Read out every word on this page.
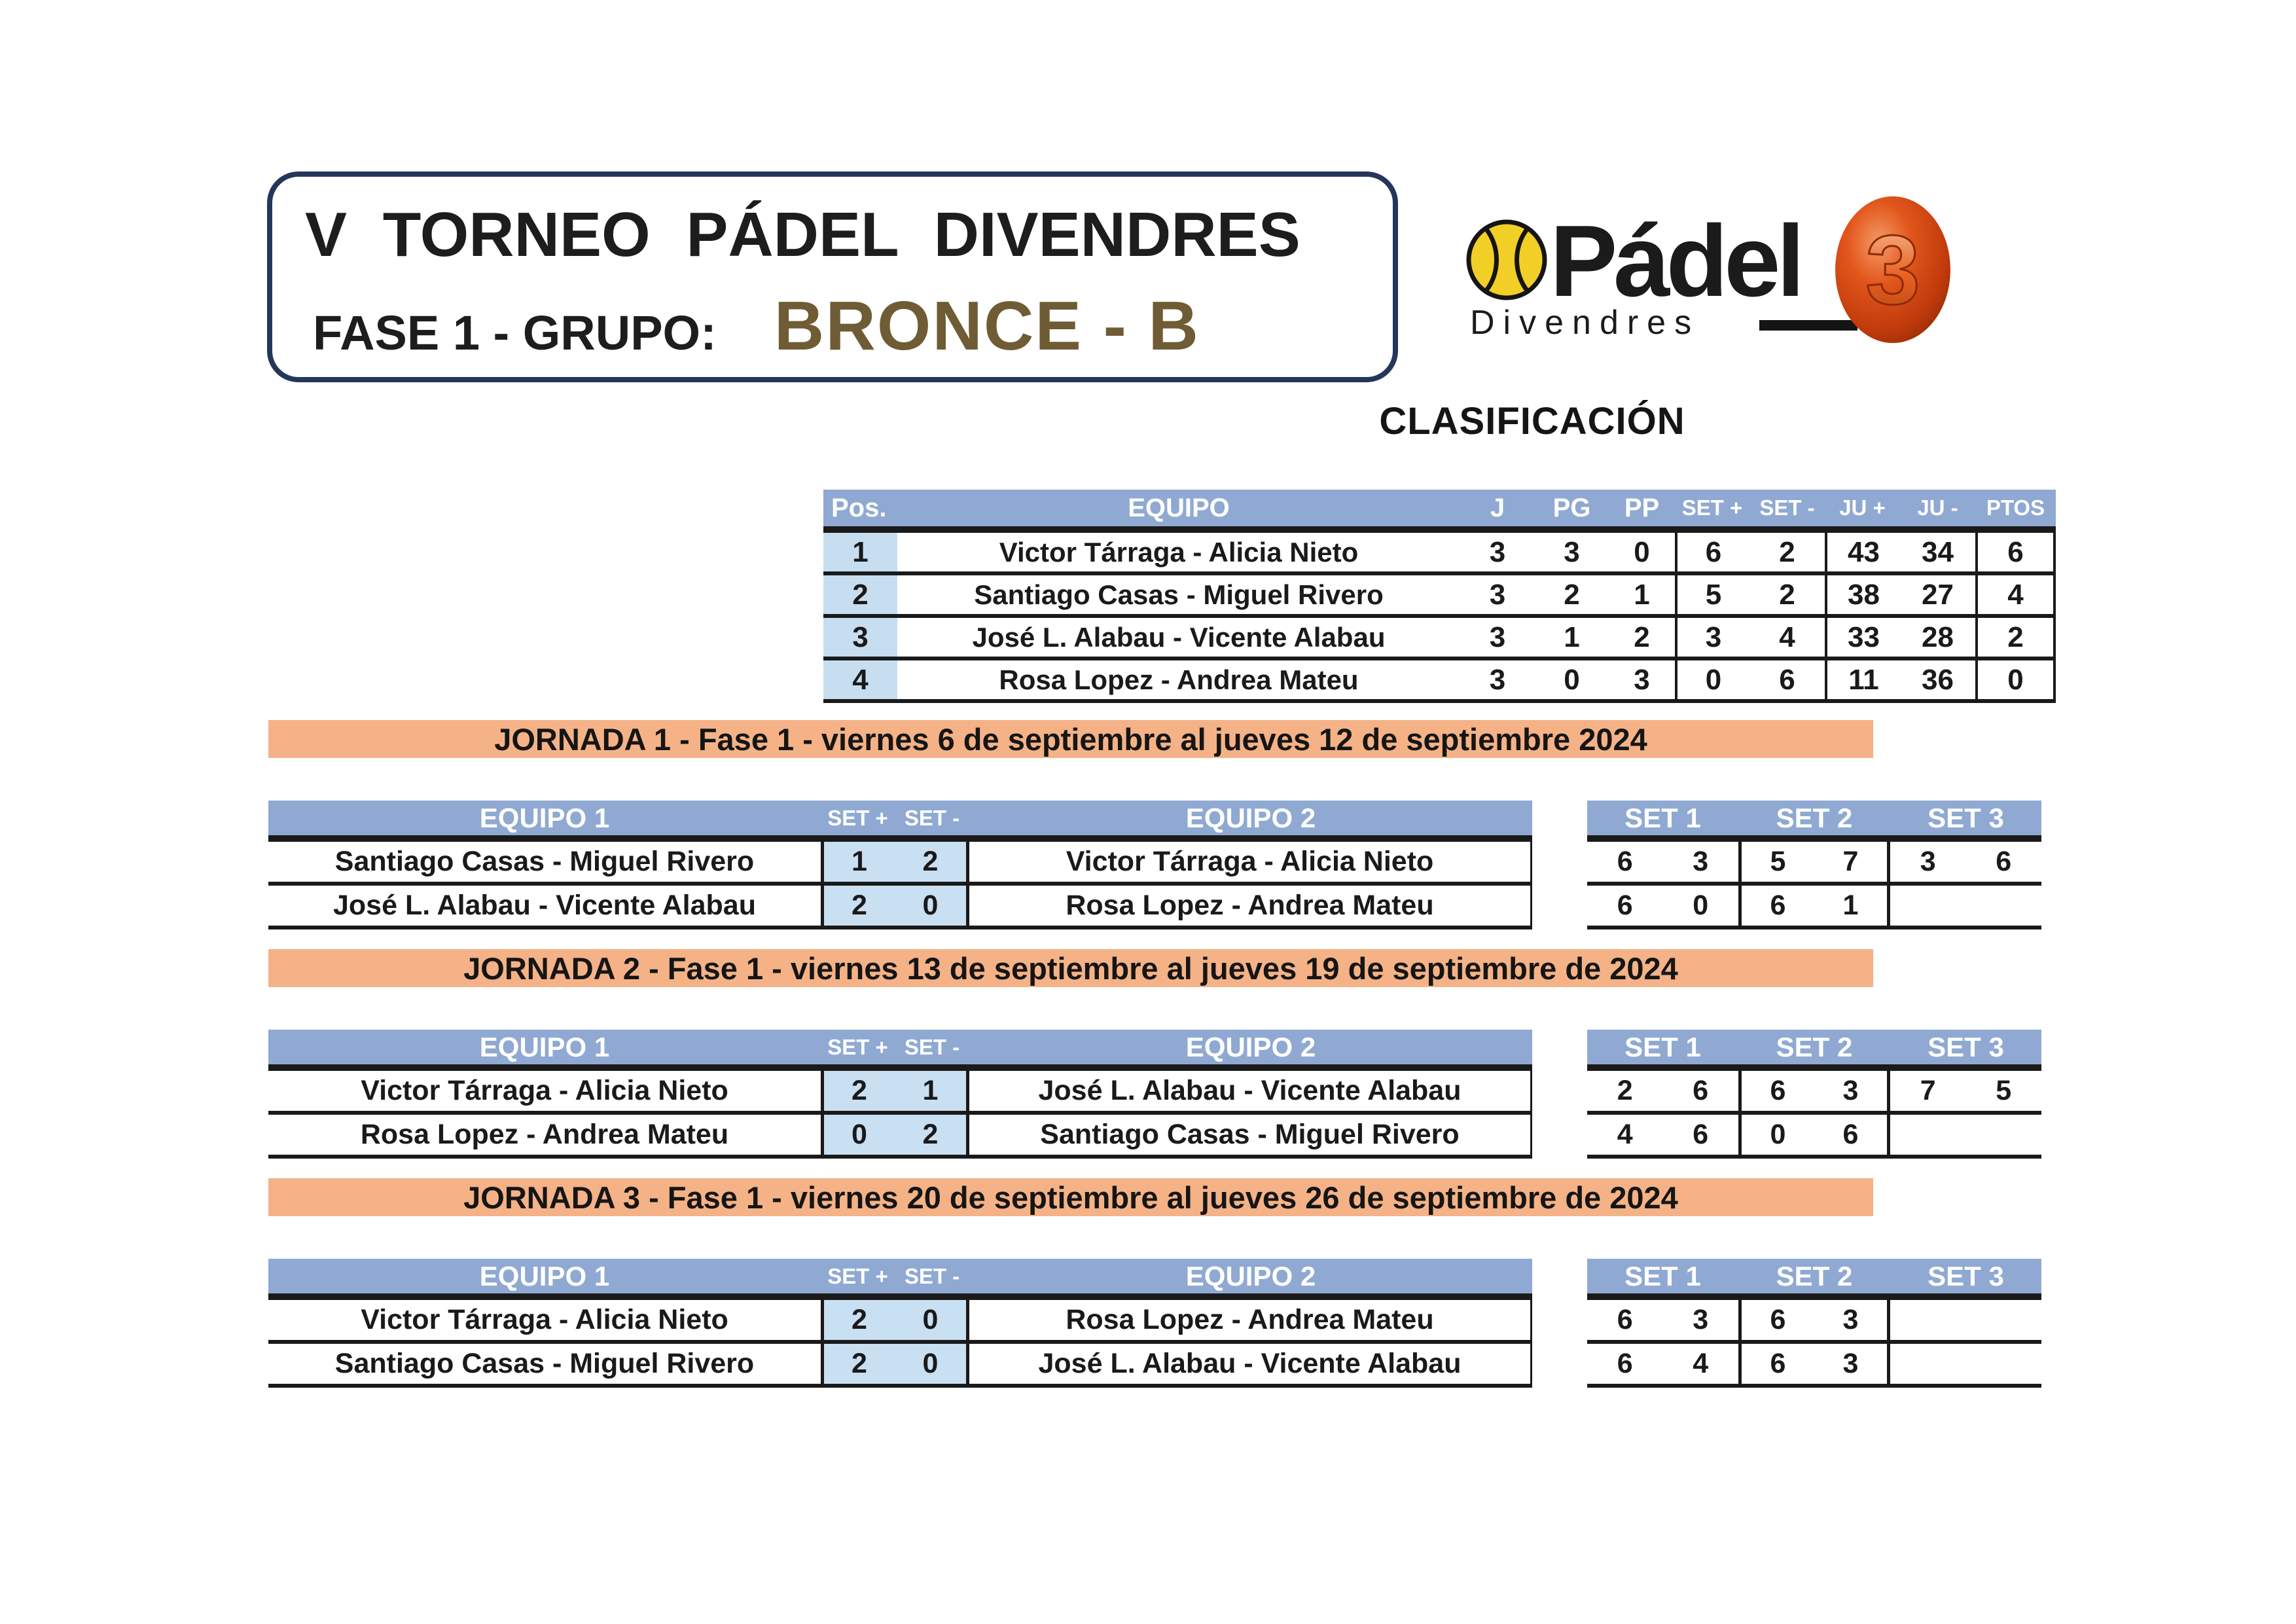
V TORNEO PÁDEL DIVENDRES
FASE 1 - GRUPO: BRONCE - B
3
Pádel
Divendres
CLASIFICACIÓN
Pos.	EQUIPO	J	PG	PP	SET + SET -	JU +	JU -	PTOS
1	Victor Tárraga - Alicia Nieto	3	3	0	6	2	43	34	6
2	Santiago Casas - Miguel Rivero	3	2	1	5	2	38	27	4
3	José L. Alabau - Vicente Alabau	3	1	2	3	4	33	28	2
4	Rosa Lopez - Andrea Mateu	3	0	3	0	6	11	36	0
JORNADA 1 - Fase 1 - viernes 6 de septiembre al jueves 12 de septiembre 2024
EQUIPO 1	SET + SET -	EQUIPO 2
Santiago Casas - Miguel Rivero	1	2	Victor Tárraga - Alicia Nieto
José L. Alabau - Vicente Alabau	2	0	Rosa Lopez - Andrea Mateu
SET 1	SET 2	SET 3
6	3	5	7	3	6
6	0	6	1
JORNADA 2 - Fase 1 - viernes 13 de septiembre al jueves 19 de septiembre de 2024
EQUIPO 1	SET + SET -	EQUIPO 2
Victor Tárraga - Alicia Nieto	2	1	José L. Alabau - Vicente Alabau
Rosa Lopez - Andrea Mateu	0	2	Santiago Casas - Miguel Rivero
SET 1	SET 2	SET 3
2	6	6	3	7	5
4	6	0	6
JORNADA 3 - Fase 1 - viernes 20 de septiembre al jueves 26 de septiembre de 2024
EQUIPO 1	SET + SET -	EQUIPO 2
Victor Tárraga - Alicia Nieto	2	0	Rosa Lopez - Andrea Mateu
Santiago Casas - Miguel Rivero	2	0	José L. Alabau - Vicente Alabau
SET 1	SET 2	SET 3
6	3	6	3
6	4	6	3
